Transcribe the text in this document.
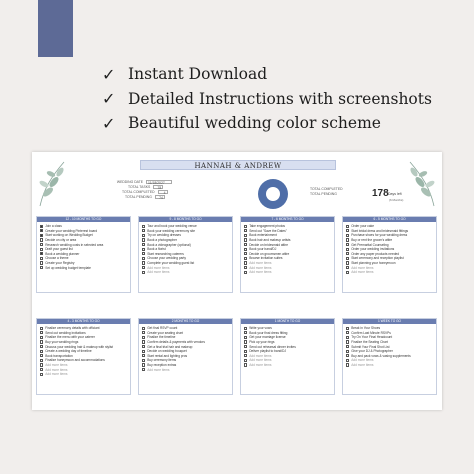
✓ Instant Download
✓ Detailed Instructions with screenshots
✓ Beautiful wedding color scheme
HANNAH & ANDREW
WEDDING DATE	11/18/2027
TOTAL TASKS	78
TOTAL COMPLETED	4
TOTAL PENDING	74
TOTAL COMPLETED
TOTAL PENDING	178 Days left
(6 Months)
12 - 10 MONTHS TO GO
Join a class
Create your wedding Pinterest board
Start working on Wedding Budget
Decide on city or area
Research wedding costs in selected area
Draft your guest list
Book a wedding planner
Choose a theme
Create your Registry
Set up wedding budget template
9 - 8 MONTHS TO GO
Tour and book your wedding venue
Book your wedding ceremony site
Try on wedding dresses
Book a photographer
Book a videographer (optional)
Book a florist
Start researching caterers
Choose your wedding party
Complete your wedding guest list
Add more items
Add more items
7 - 6 MONTHS TO GO
Take engagement photos
Send out "Save the Dates"
Book entertainment
Book hair and makeup artists
Decide on bridesmaid attire
Book your band/DJ
Decide on groomsmen attire
Browse invitation suites
Add more items
Add more items
Add more items
6 - 5 MONTHS TO GO
Order your cake
Start bridal dress and bridesmaid fittings
Purchase shoes for your wedding dress
Buy or rent the groom's attire
Get Premarital Counseling
Order your wedding invitations
Order any paper products needed
Start ceremony and reception playlist
Start planning your honeymoon
Add more items
Add more items
4 - 3 MONTHS TO GO
Finalize ceremony details with officiant
Send out wedding invitations
Finalize the menu with your caterer
Buy your wedding rings
Discuss your wedding hair & makeup with stylist
Create a wedding day of timeline
Book transportation
Finalize honeymoon and accommodations
Add more items
Add more items
Add more items
2 MONTHS TO GO
Get final RSVP count
Create your seating chart
Finalize the timeline
Confirm details & payments with vendors
Get a final trial hair and makeup
Decide on wedding bouquet
Start rental and lighting pros
Buy ceremony items
Buy reception extras
Add more items
1 MONTH TO GO
Write your vows
Book your final dress fitting
Get your marriage license
Pick up your rings
Send out rehearsal dinner invites
Deliver playlist to band/DJ
Add more items
Add more items
Add more items
1 WEEK TO GO
Break in Your Shoes
Confirm Last Minute RSVPs
Try On Your Final Headcount
Finalize the Seating Chart
Submit Your Final Shot List
Give your DJ & Photographer
Buy and pack vows & vasing supplements
Add more items
Add more items
